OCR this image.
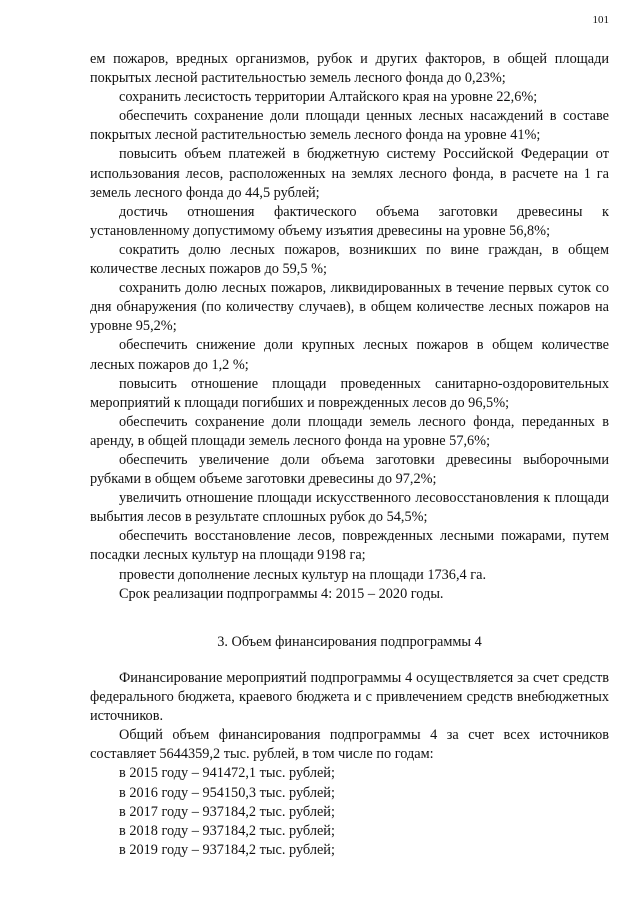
101

ем пожаров, вредных организмов, рубок и других факторов, в общей площади покрытых лесной растительностью земель лесного фонда до 0,23%;

сохранить лесистость территории Алтайского края на уровне 22,6%;

обеспечить сохранение доли площади ценных лесных насаждений в составе покрытых лесной растительностью земель лесного фонда на уровне 41%;

повысить объем платежей в бюджетную систему Российской Федерации от использования лесов, расположенных на землях лесного фонда, в расчете на 1 га земель лесного фонда до 44,5 рублей;

достичь отношения фактического объема заготовки древесины к установленному допустимому объему изъятия древесины на уровне 56,8%;

сократить долю лесных пожаров, возникших по вине граждан, в общем количестве лесных пожаров до 59,5 %;

сохранить долю лесных пожаров, ликвидированных в течение первых суток со дня обнаружения (по количеству случаев), в общем количестве лесных пожаров на уровне 95,2%;

обеспечить снижение доли крупных лесных пожаров в общем количестве лесных пожаров до 1,2 %;

повысить отношение площади проведенных санитарно-оздоровительных мероприятий к площади погибших и поврежденных лесов до 96,5%;

обеспечить сохранение доли площади земель лесного фонда, переданных в аренду, в общей площади земель лесного фонда на уровне 57,6%;

обеспечить увеличение доли объема заготовки древесины выборочными рубками в общем объеме заготовки древесины до 97,2%;

увеличить отношение площади искусственного лесовосстановления к площади выбытия лесов в результате сплошных рубок до 54,5%;

обеспечить восстановление лесов, поврежденных лесными пожарами, путем посадки лесных культур на площади 9198 га;

провести дополнение лесных культур на площади 1736,4 га.

Срок реализации подпрограммы 4: 2015 – 2020 годы.

3. Объем финансирования подпрограммы 4

Финансирование мероприятий подпрограммы 4 осуществляется за счет средств федерального бюджета, краевого бюджета и с привлечением средств внебюджетных источников.

Общий объем финансирования подпрограммы 4 за счет всех источников составляет 5644359,2 тыс. рублей, в том числе по годам:

в 2015 году – 941472,1 тыс. рублей;
в 2016 году – 954150,3 тыс. рублей;
в 2017 году – 937184,2 тыс. рублей;
в 2018 году – 937184,2 тыс. рублей;
в 2019 году – 937184,2 тыс. рублей;
